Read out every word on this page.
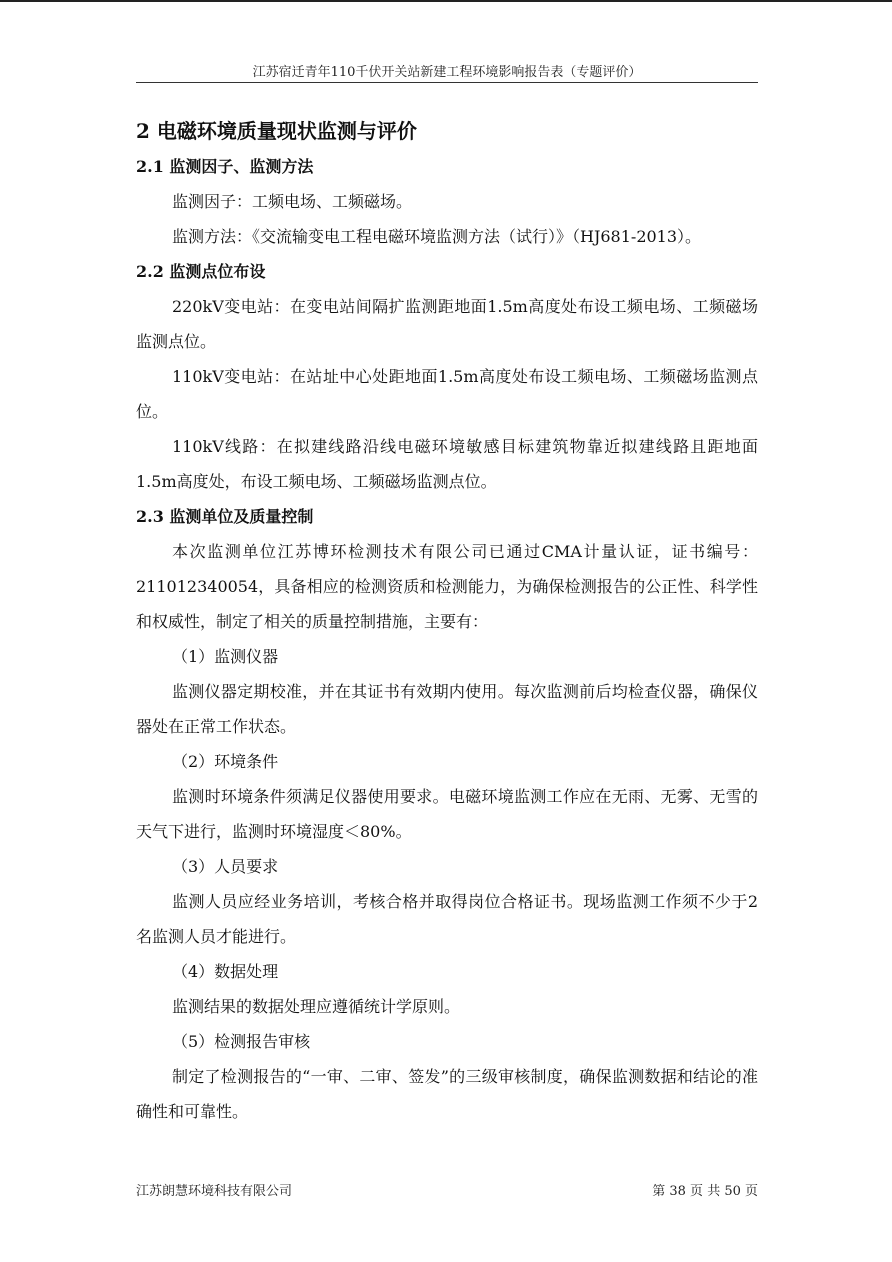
江苏宿迁青年110千伏开关站新建工程环境影响报告表（专题评价）
2 电磁环境质量现状监测与评价
2.1 监测因子、监测方法

监测因子：工频电场、工频磁场。

监测方法：《交流输变电工程电磁环境监测方法（试行）》（HJ681-2013）。

2.2 监测点位布设

220kV变电站：在变电站间隔扩监测距地面1.5m高度处布设工频电场、工频磁场监测点位。

110kV变电站：在站址中心处距地面1.5m高度处布设工频电场、工频磁场监测点位。

110kV线路：在拟建线路沿线电磁环境敏感目标建筑物靠近拟建线路且距地面1.5m高度处，布设工频电场、工频磁场监测点位。

2.3 监测单位及质量控制

本次监测单位江苏博环检测技术有限公司已通过CMA计量认证，证书编号：211012340054，具备相应的检测资质和检测能力，为确保检测报告的公正性、科学性和权威性，制定了相关的质量控制措施，主要有：

（1）监测仪器

监测仪器定期校准，并在其证书有效期内使用。每次监测前后均检查仪器，确保仪器处在正常工作状态。

（2）环境条件

监测时环境条件须满足仪器使用要求。电磁环境监测工作应在无雨、无雾、无雪的天气下进行，监测时环境湿度＜80%。

（3）人员要求

监测人员应经业务培训，考核合格并取得岗位合格证书。现场监测工作须不少于2名监测人员才能进行。

（4）数据处理

监测结果的数据处理应遵循统计学原则。

（5）检测报告审核

制定了检测报告的“一审、二审、签发”的三级审核制度，确保监测数据和结论的准确性和可靠性。

江苏朗慧环境科技有限公司	第 38 页 共 50 页
